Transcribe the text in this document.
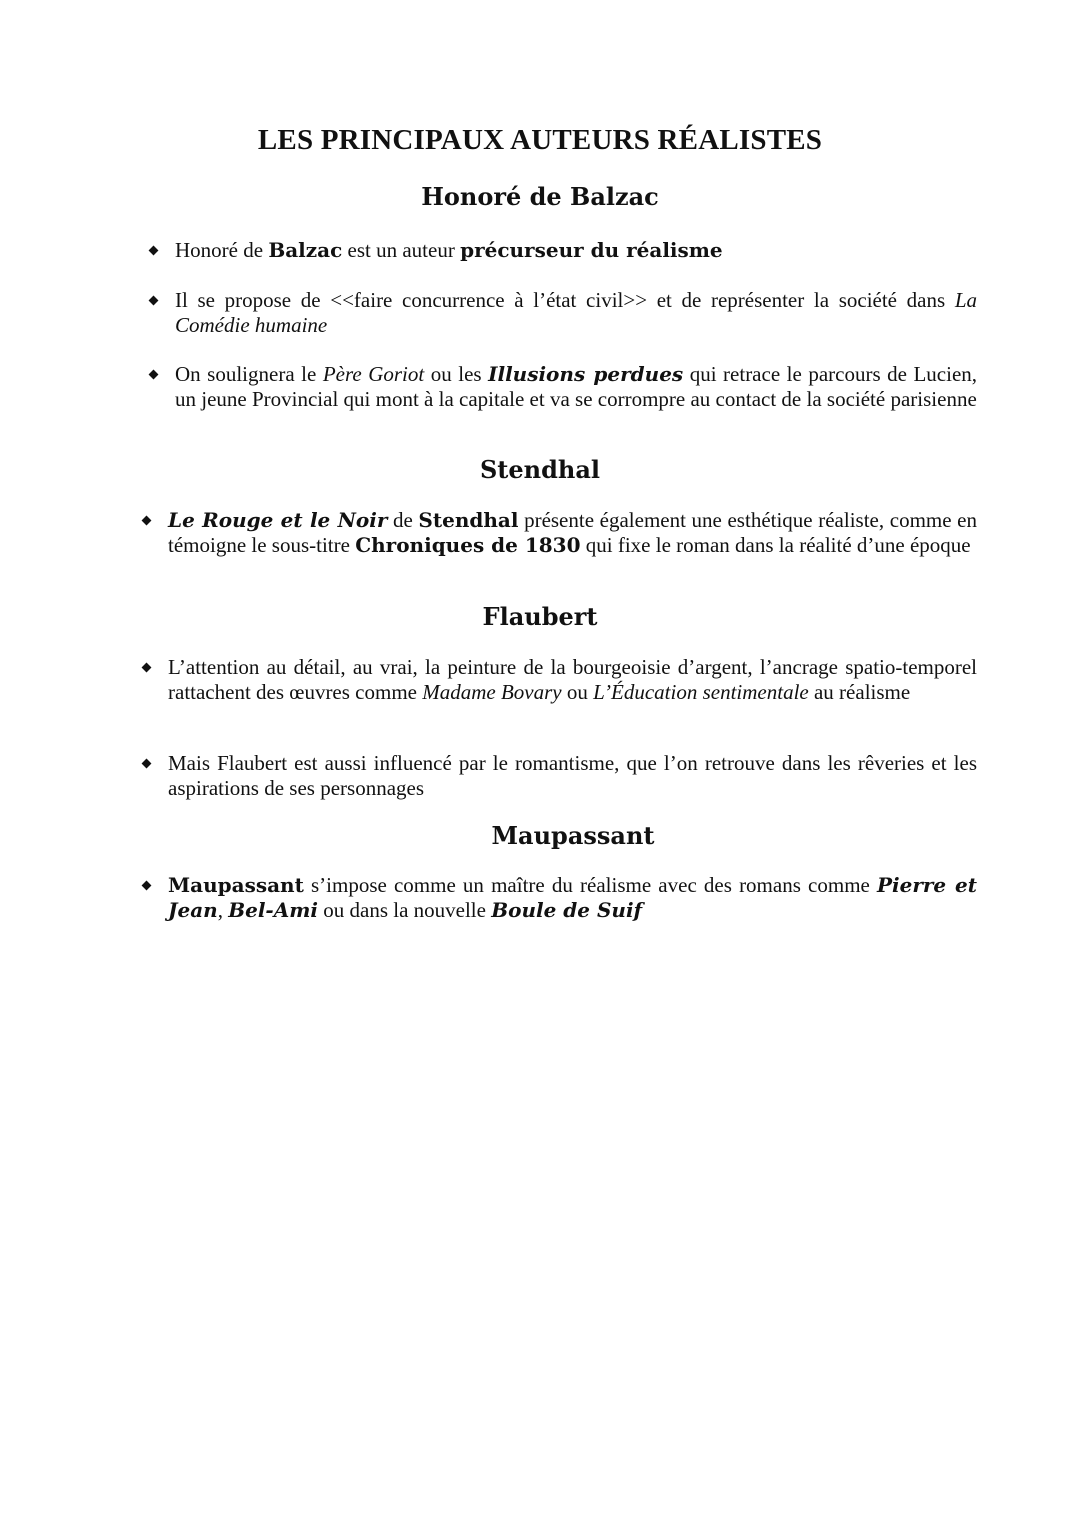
LES PRINCIPAUX AUTEURS RÉALISTES
Honoré de Balzac

Honoré de Balzac est un auteur précurseur du réalisme

Il se propose de <<faire concurrence à l’état civil>> et de représenter la société dans La Comédie humaine

On soulignera le Père Goriot ou les Illusions perdues qui retrace le parcours de Lucien, un jeune Provincial qui mont à la capitale et va se corrompre au contact de la société parisienne

Stendhal

Le Rouge et le Noir de Stendhal présente également une esthétique réaliste, comme en témoigne le sous-titre Chroniques de 1830 qui fixe le roman dans la réalité d’une époque

Flaubert

L’attention au détail, au vrai, la peinture de la bourgeoisie d’argent, l’ancrage spatio-temporel rattachent des œuvres comme Madame Bovary ou L’Éducation sentimentale au réalisme

Mais Flaubert est aussi influencé par le romantisme, que l’on retrouve dans les rêveries et les aspirations de ses personnages

Maupassant

Maupassant s’impose comme un maître du réalisme avec des romans comme Pierre et Jean, Bel-Ami ou dans la nouvelle Boule de Suif
